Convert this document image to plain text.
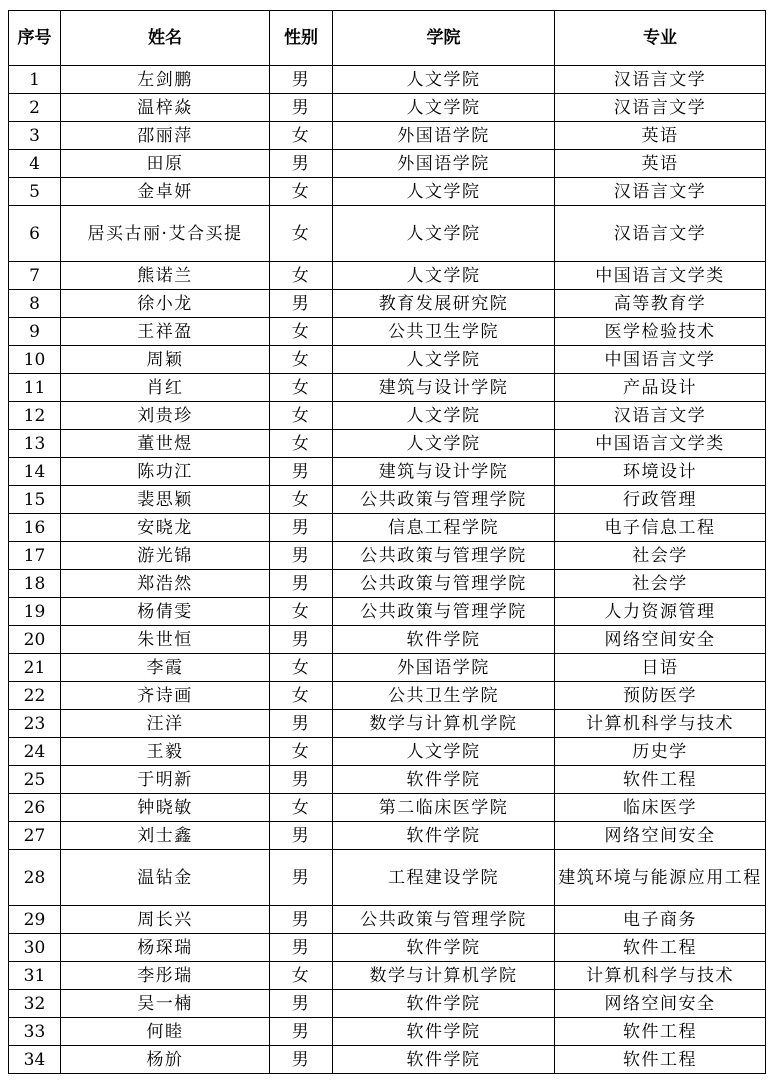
序号	姓名	性别	学院	专业
1	左剑鹏	男	人文学院	汉语言文学
2	温梓焱	男	人文学院	汉语言文学
3	邵丽萍	女	外国语学院	英语
4	田原	男	外国语学院	英语
5	金卓妍	女	人文学院	汉语言文学
6	居买古丽·艾合买提	女	人文学院	汉语言文学
7	熊诺兰	女	人文学院	中国语言文学类
8	徐小龙	男	教育发展研究院	高等教育学
9	王祥盈	女	公共卫生学院	医学检验技术
10	周颖	女	人文学院	中国语言文学
11	肖红	女	建筑与设计学院	产品设计
12	刘贵珍	女	人文学院	汉语言文学
13	董世煜	女	人文学院	中国语言文学类
14	陈功江	男	建筑与设计学院	环境设计
15	裴思颖	女	公共政策与管理学院	行政管理
16	安晓龙	男	信息工程学院	电子信息工程
17	游光锦	男	公共政策与管理学院	社会学
18	郑浩然	男	公共政策与管理学院	社会学
19	杨倩雯	女	公共政策与管理学院	人力资源管理
20	朱世恒	男	软件学院	网络空间安全
21	李霞	女	外国语学院	日语
22	齐诗画	女	公共卫生学院	预防医学
23	汪洋	男	数学与计算机学院	计算机科学与技术
24	王毅	女	人文学院	历史学
25	于明新	男	软件学院	软件工程
26	钟晓敏	女	第二临床医学院	临床医学
27	刘士鑫	男	软件学院	网络空间安全
28	温钻金	男	工程建设学院	建筑环境与能源应用工程
29	周长兴	男	公共政策与管理学院	电子商务
30	杨琛瑞	男	软件学院	软件工程
31	李彤瑞	女	数学与计算机学院	计算机科学与技术
32	吴一楠	男	软件学院	网络空间安全
33	何睦	男	软件学院	软件工程
34	杨斺	男	软件学院	软件工程
